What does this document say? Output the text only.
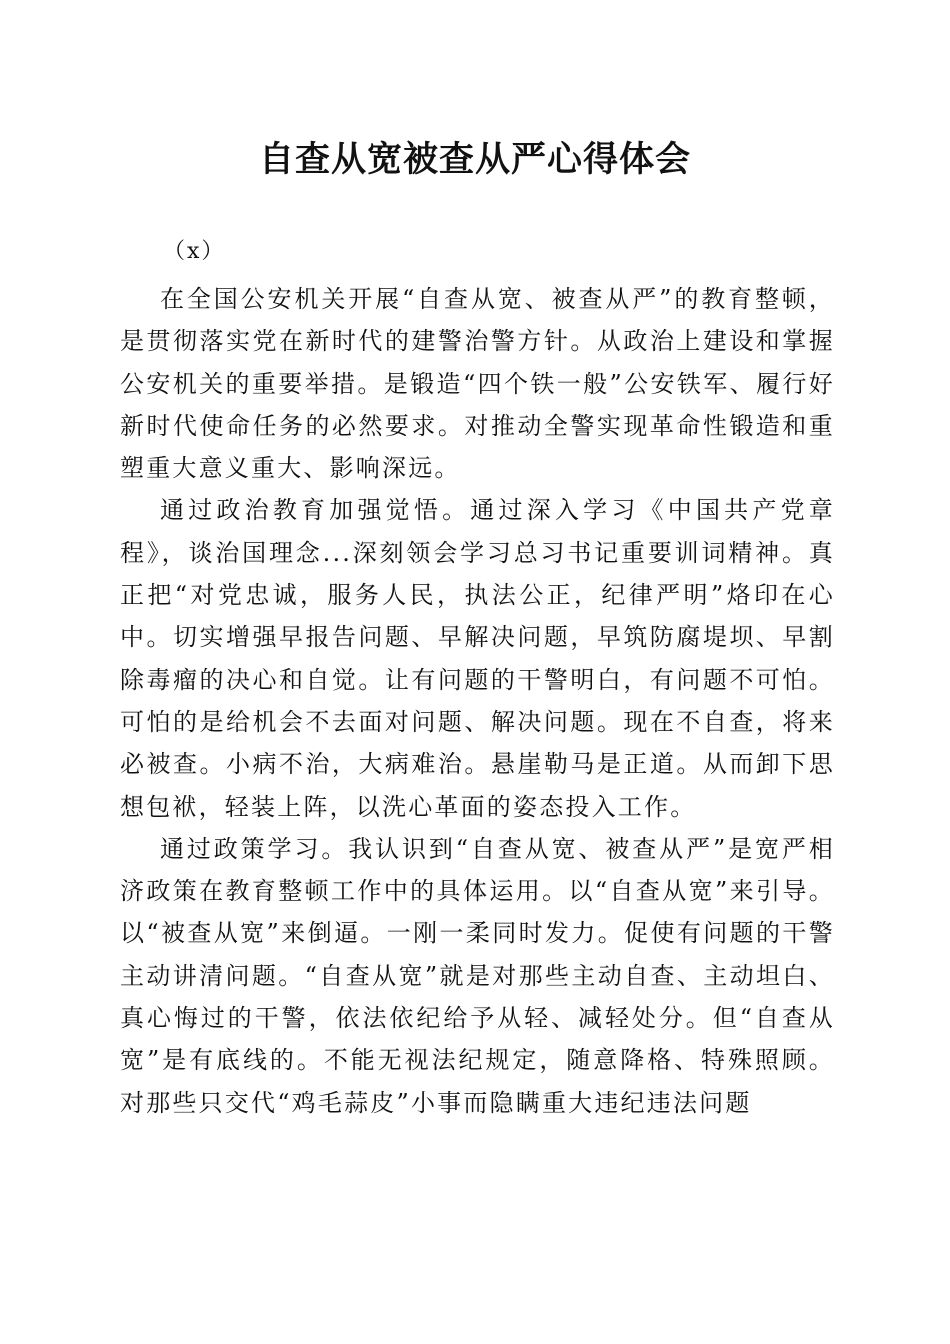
自查从宽被查从严心得体会
（x）

在全国公安机关开展“自查从宽、被查从严”的教育整顿，是贯彻落实党在新时代的建警治警方针。从政治上建设和掌握公安机关的重要举措。是锻造“四个铁一般”公安铁军、履行好新时代使命任务的必然要求。对推动全警实现革命性锻造和重塑重大意义重大、影响深远。

通过政治教育加强觉悟。通过深入学习《中国共产党章程》，谈治国理念...深刻领会学习总习书记重要训词精神。真正把“对党忠诚，服务人民，执法公正，纪律严明”烙印在心中。切实增强早报告问题、早解决问题，早筑防腐堤坝、早割除毒瘤的决心和自觉。让有问题的干警明白，有问题不可怕。可怕的是给机会不去面对问题、解决问题。现在不自查，将来必被查。小病不治，大病难治。悬崖勒马是正道。从而卸下思想包袱，轻装上阵，以洗心革面的姿态投入工作。

通过政策学习。我认识到“自查从宽、被查从严”是宽严相济政策在教育整顿工作中的具体运用。以“自查从宽”来引导。以“被查从宽”来倒逼。一刚一柔同时发力。促使有问题的干警主动讲清问题。“自查从宽”就是对那些主动自查、主动坦白、真心悔过的干警，依法依纪给予从轻、减轻处分。但“自查从宽”是有底线的。不能无视法纪规定，随意降格、特殊照顾。对那些只交代“鸡毛蒜皮”小事而隐瞒重大违纪违法问题
